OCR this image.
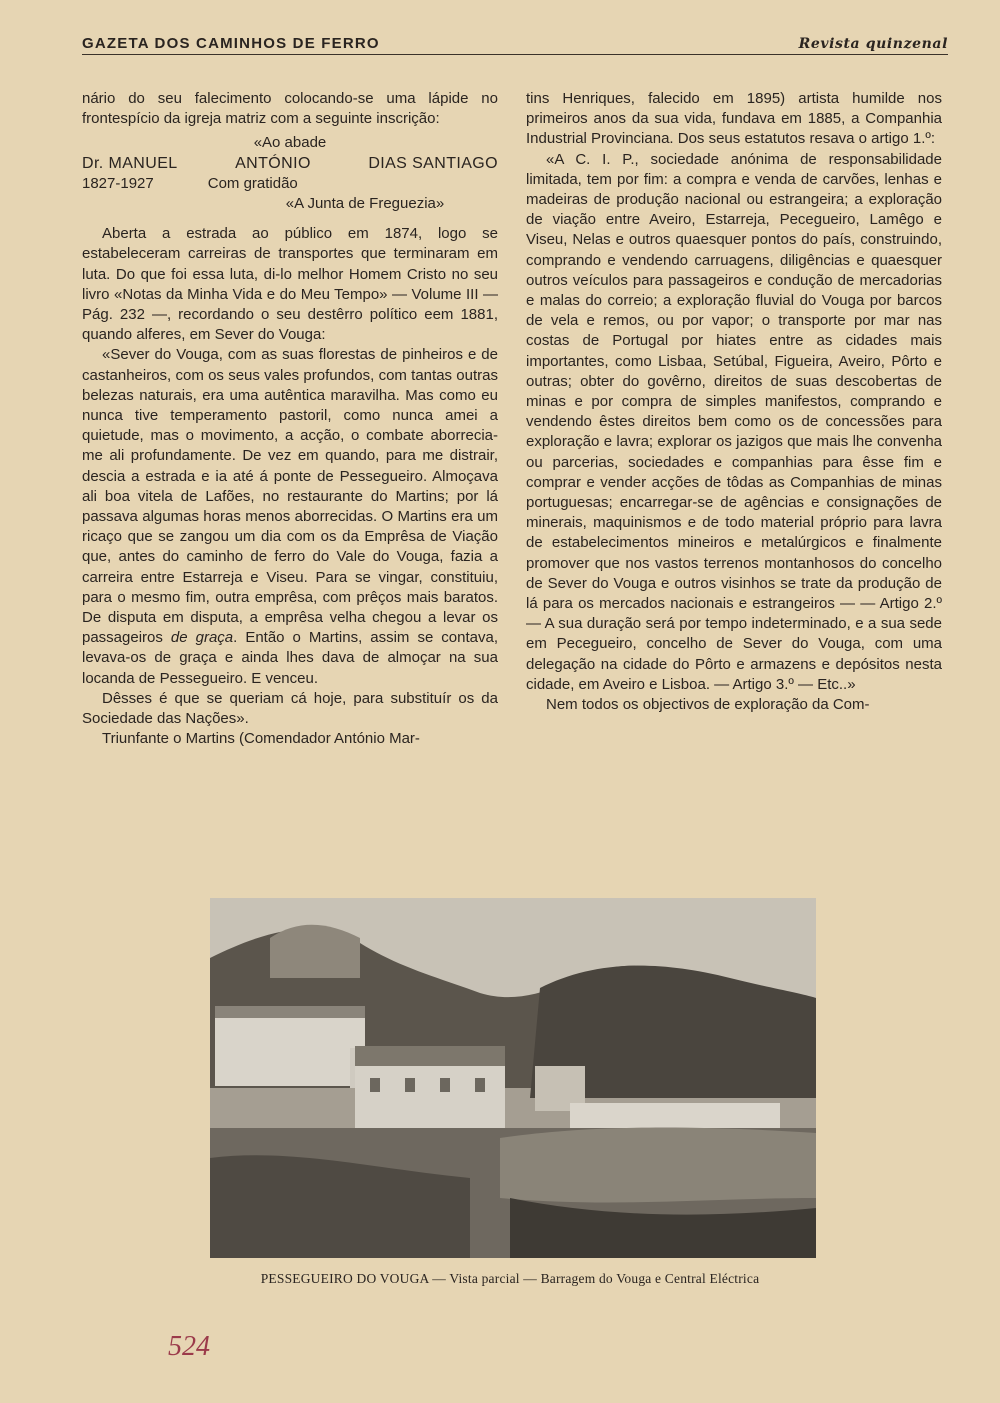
GAZETA DOS CAMINHOS DE FERRO	Revista quinzenal

nário do seu falecimento colocando-se uma lápide no frontespício da igreja matriz com a seguinte inscrição:

«Ao abade
Dr. MANUEL	ANTÓNIO	DIAS SANTIAGO
1827-1927	Com gratidão
«A Junta de Freguezia»

Aberta a estrada ao público em 1874, logo se estabeleceram carreiras de transportes que terminaram em luta. Do que foi essa luta, di-lo melhor Homem Cristo no seu livro «Notas da Minha Vida e do Meu Tempo» — Volume III — Pág. 232 —, recordando o seu destêrro político eem 1881, quando alferes, em Sever do Vouga:

«Sever do Vouga, com as suas florestas de pinheiros e de castanheiros, com os seus vales profundos, com tantas outras belezas naturais, era uma autêntica maravilha. Mas como eu nunca tive temperamento pastoril, como nunca amei a quietude, mas o movimento, a acção, o combate aborrecia-me ali profundamente. De vez em quando, para me distrair, descia a estrada e ia até á ponte de Pessegueiro. Almoçava ali boa vitela de Lafões, no restaurante do Martins; por lá passava algumas horas menos aborrecidas. O Martins era um ricaço que se zangou um dia com os da Emprêsa de Viação que, antes do caminho de ferro do Vale do Vouga, fazia a carreira entre Estarreja e Viseu. Para se vingar, constituiu, para o mesmo fim, outra emprêsa, com prêços mais baratos. De disputa em disputa, a emprêsa velha chegou a levar os passageiros de graça. Então o Martins, assim se contava, levava-os de graça e ainda lhes dava de almoçar na sua locanda de Pessegueiro. E venceu.

Dêsses é que se queriam cá hoje, para substituír os da Sociedade das Nações».

Triunfante o Martins (Comendador António Mar-

tins Henriques, falecido em 1895) artista humilde nos primeiros anos da sua vida, fundava em 1885, a Companhia Industrial Provinciana. Dos seus estatutos resava o artigo 1.º:

«A C. I. P., sociedade anónima de responsabilidade limitada, tem por fim: a compra e venda de carvões, lenhas e madeiras de produção nacional ou estrangeira; a exploração de viação entre Aveiro, Estarreja, Pecegueiro, Lamêgo e Viseu, Nelas e outros quaesquer pontos do país, construindo, comprando e vendendo carruagens, diligências e quaesquer outros veículos para passageiros e condução de mercadorias e malas do correio; a exploração fluvial do Vouga por barcos de vela e remos, ou por vapor; o transporte por mar nas costas de Portugal por hiates entre as cidades mais importantes, como Lisbaa, Setúbal, Figueira, Aveiro, Pôrto e outras; obter do govêrno, direitos de suas descobertas de minas e por compra de simples manifestos, comprando e vendendo êstes direitos bem como os de concessões para exploração e lavra; explorar os jazigos que mais lhe convenha ou parcerias, sociedades e companhias para êsse fim e comprar e vender acções de tôdas as Companhias de minas portuguesas; encarregar-se de agências e consignações de minerais, maquinismos e de todo material próprio para lavra de estabelecimentos mineiros e metalúrgicos e finalmente promover que nos vastos terrenos montanhosos do concelho de Sever do Vouga e outros visinhos se trate da produção de lá para os mercados nacionais e estrangeiros — — Artigo 2.º — A sua duração será por tempo indeterminado, e a sua sede em Pecegueiro, concelho de Sever do Vouga, com uma delegação na cidade do Pôrto e armazens e depósitos nesta cidade, em Aveiro e Lisboa. — Artigo 3.º — Etc..»

Nem todos os objectivos de exploração da Com-

PESSEGUEIRO DO VOUGA — Vista parcial — Barragem do Vouga e Central Eléctrica
524
